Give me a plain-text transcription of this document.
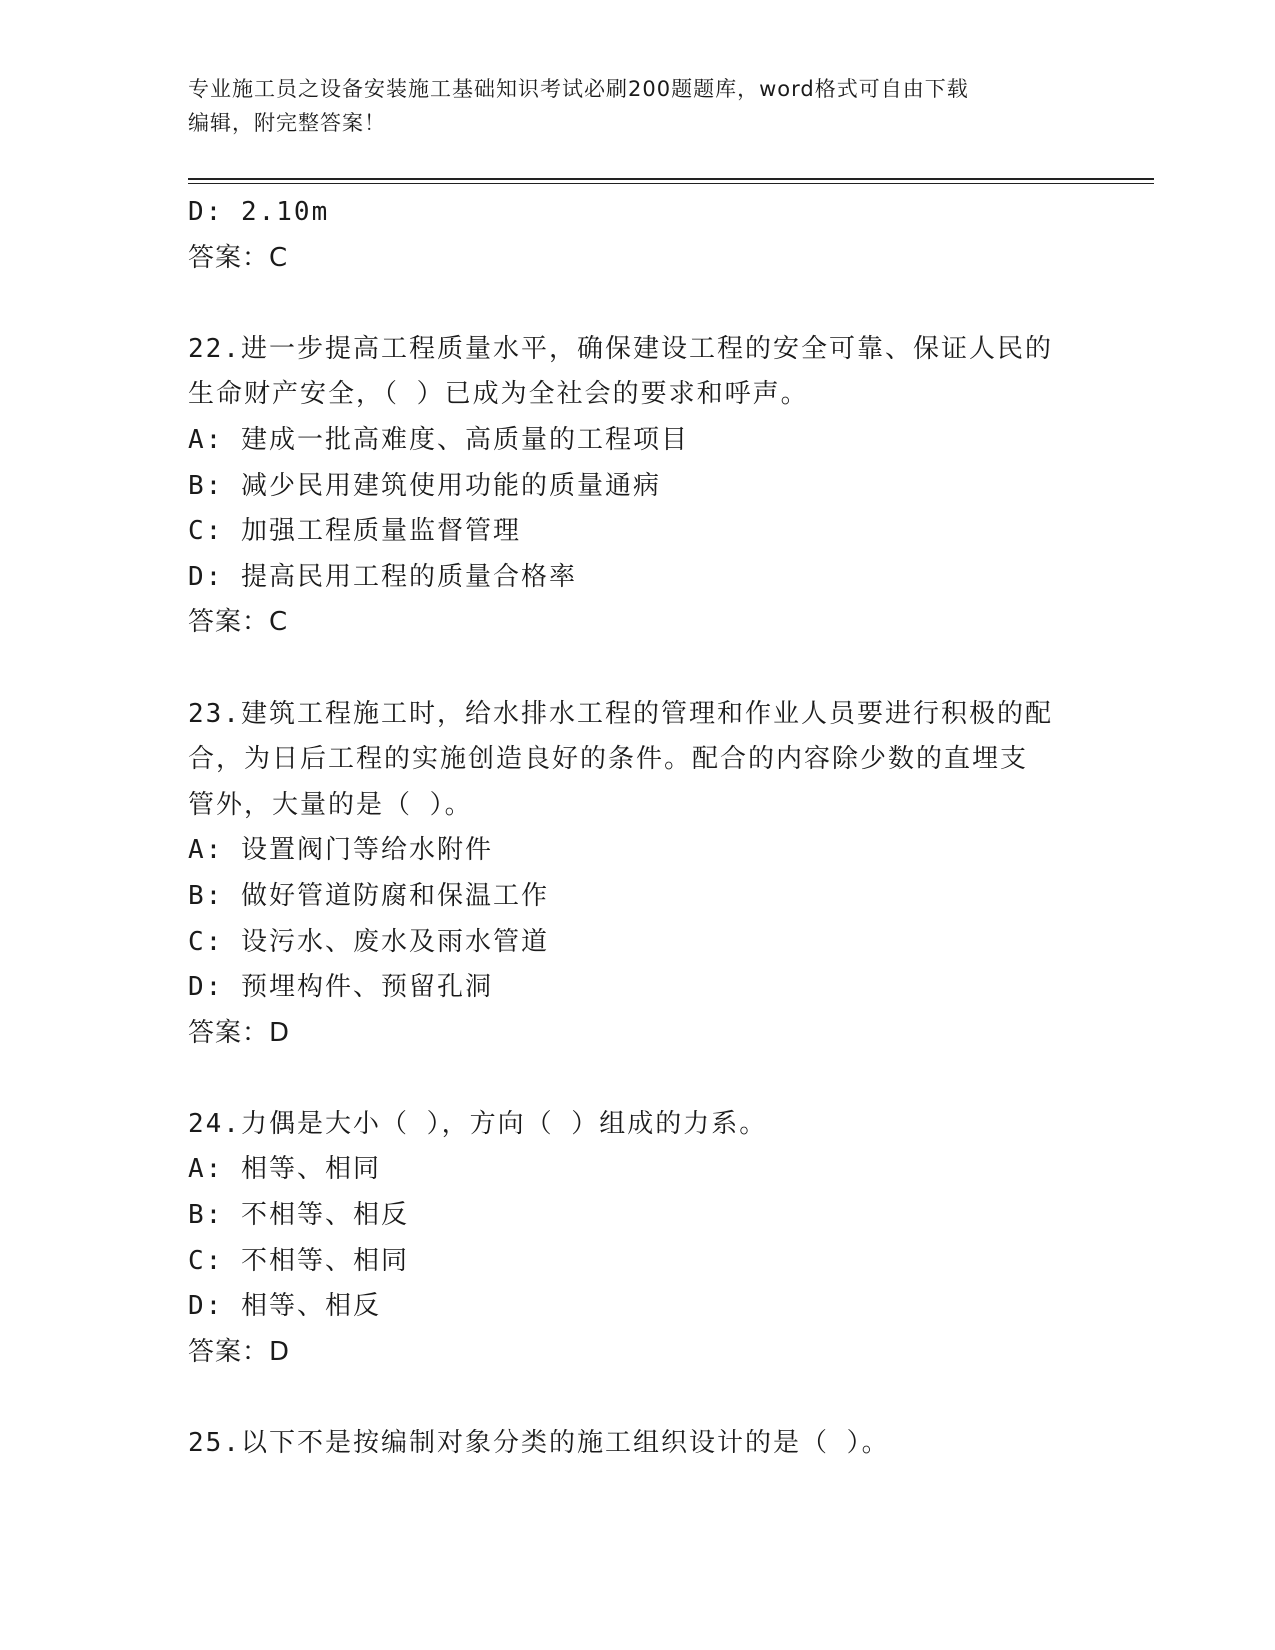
专业施工员之设备安装施工基础知识考试必刷200题题库，word格式可自由下载
编辑，附完整答案！
D: 2.10m
答案：C
22.进一步提高工程质量水平，确保建设工程的安全可靠、保证人民的
生命财产安全，（ ）已成为全社会的要求和呼声。
A: 建成一批高难度、高质量的工程项目
B: 减少民用建筑使用功能的质量通病
C: 加强工程质量监督管理
D: 提高民用工程的质量合格率
答案：C
23.建筑工程施工时，给水排水工程的管理和作业人员要进行积极的配
合，为日后工程的实施创造良好的条件。配合的内容除少数的直埋支
管外，大量的是（ ）。
A: 设置阀门等给水附件
B: 做好管道防腐和保温工作
C: 设污水、废水及雨水管道
D: 预埋构件、预留孔洞
答案：D
24.力偶是大小（ ），方向（ ）组成的力系。
A: 相等、相同
B: 不相等、相反
C: 不相等、相同
D: 相等、相反
答案：D
25.以下不是按编制对象分类的施工组织设计的是（ ）。
